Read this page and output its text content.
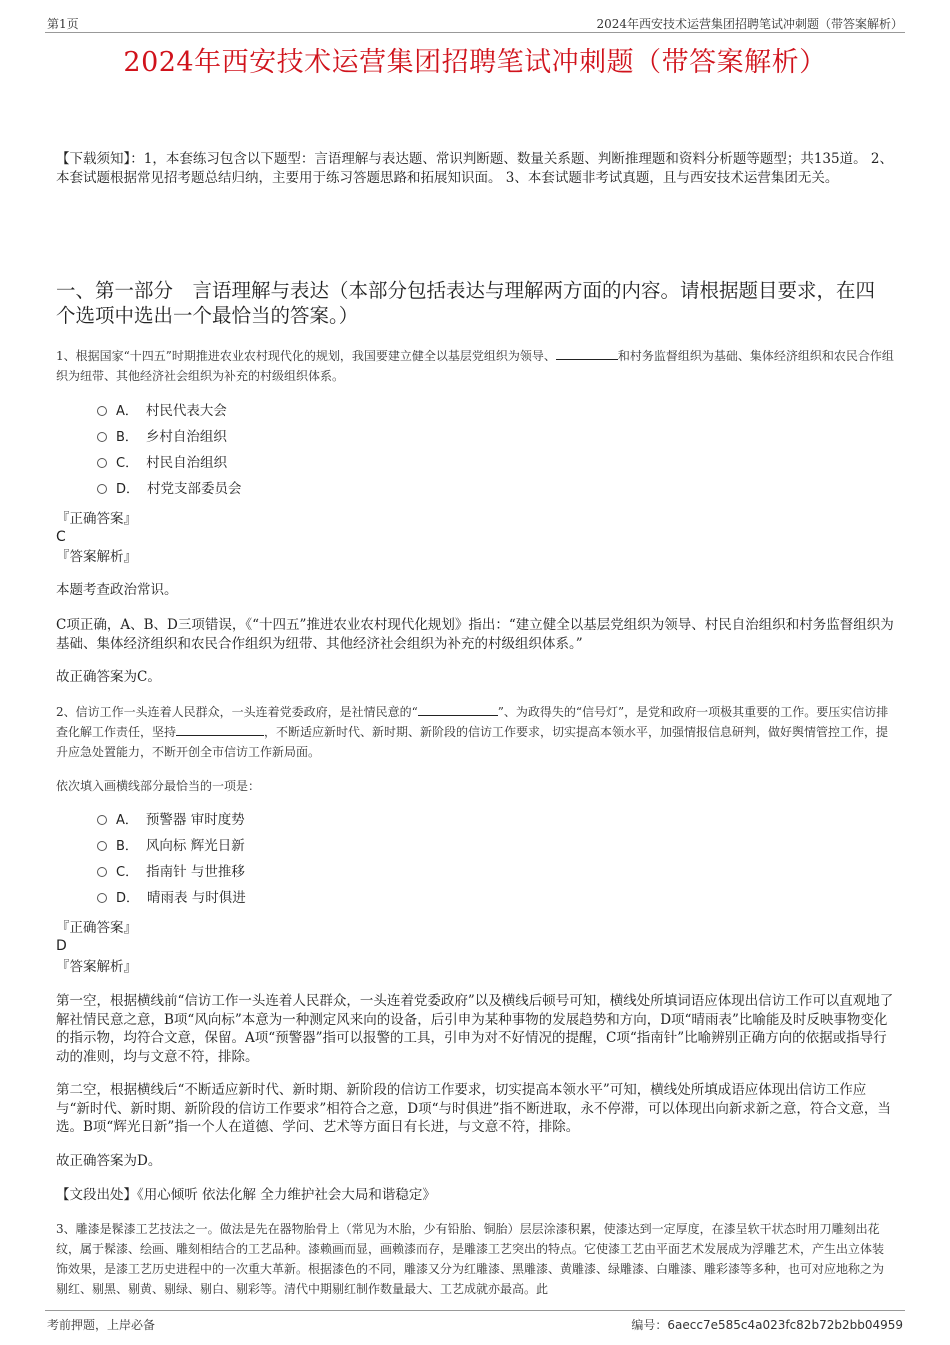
第1页	2024年西安技术运营集团招聘笔试冲刺题（带答案解析）
2024年西安技术运营集团招聘笔试冲刺题（带答案解析）

【下载须知】：1，本套练习包含以下题型：言语理解与表达题、常识判断题、数量关系题、判断推理题和资料分析题等题型；共135道。 2、本套试题根据常见招考题总结归纳，主要用于练习答题思路和拓展知识面。 3、本套试题非考试真题，且与西安技术运营集团无关。

一、第一部分　言语理解与表达（本部分包括表达与理解两方面的内容。请根据题目要求，在四个选项中选出一个最恰当的答案。）

1、根据国家“十四五”时期推进农业农村现代化的规划，我国要建立健全以基层党组织为领导、	和村务监督组织为基础、集体经济组织和农民合作组织为纽带、其他经济社会组织为补充的村级组织体系。

A． 村民代表大会
B． 乡村自治组织
C． 村民自治组织
D． 村党支部委员会

『正确答案』

C

『答案解析』

本题考查政治常识。

C项正确，A、B、D三项错误，《“十四五”推进农业农村现代化规划》指出：“建立健全以基层党组织为领导、村民自治组织和村务监督组织为基础、集体经济组织和农民合作组织为纽带、其他经济社会组织为补充的村级组织体系。”

故正确答案为C。

2、信访工作一头连着人民群众，一头连着党委政府，是社情民意的“	”、为政得失的“信号灯”，是党和政府一项极其重要的工作。要压实信访排查化解工作责任，坚持	，不断适应新时代、新时期、新阶段的信访工作要求，切实提高本领水平，加强情报信息研判，做好舆情管控工作，提升应急处置能力，不断开创全市信访工作新局面。

依次填入画横线部分最恰当的一项是：

A． 预警器 审时度势
B． 风向标 辉光日新
C． 指南针 与世推移
D． 晴雨表 与时俱进

『正确答案』

D

『答案解析』

第一空，根据横线前“信访工作一头连着人民群众，一头连着党委政府”以及横线后顿号可知，横线处所填词语应体现出信访工作可以直观地了解社情民意之意，B项“风向标”本意为一种测定风来向的设备，后引申为某种事物的发展趋势和方向，D项“晴雨表”比喻能及时反映事物变化的指示物，均符合文意，保留。A项“预警器”指可以报警的工具，引申为对不好情况的提醒，C项“指南针”比喻辨别正确方向的依据或指导行动的准则，均与文意不符，排除。

第二空，根据横线后“不断适应新时代、新时期、新阶段的信访工作要求，切实提高本领水平”可知，横线处所填成语应体现出信访工作应与“新时代、新时期、新阶段的信访工作要求”相符合之意，D项“与时俱进”指不断进取，永不停滞，可以体现出向新求新之意，符合文意，当选。B项“辉光日新”指一个人在道德、学问、艺术等方面日有长进，与文意不符，排除。

故正确答案为D。

【文段出处】《用心倾听 依法化解 全力维护社会大局和谐稳定》

3、雕漆是髹漆工艺技法之一。做法是先在器物胎骨上（常见为木胎，少有铅胎、铜胎）层层涂漆积累，使漆达到一定厚度，在漆呈软干状态时用刀雕刻出花纹，属于髹漆、绘画、雕刻相结合的工艺品种。漆赖画而显，画赖漆而存，是雕漆工艺突出的特点。它使漆工艺由平面艺术发展成为浮雕艺术，产生出立体装饰效果，是漆工艺历史进程中的一次重大革新。根据漆色的不同，雕漆又分为红雕漆、黑雕漆、黄雕漆、绿雕漆、白雕漆、雕彩漆等多种，也可对应地称之为剔红、剔黑、剔黄、剔绿、剔白、剔彩等。清代中期剔红制作数量最大、工艺成就亦最高。此

考前押题，上岸必备	编号：6aecc7e585c4a023fc82b72b2bb04959
